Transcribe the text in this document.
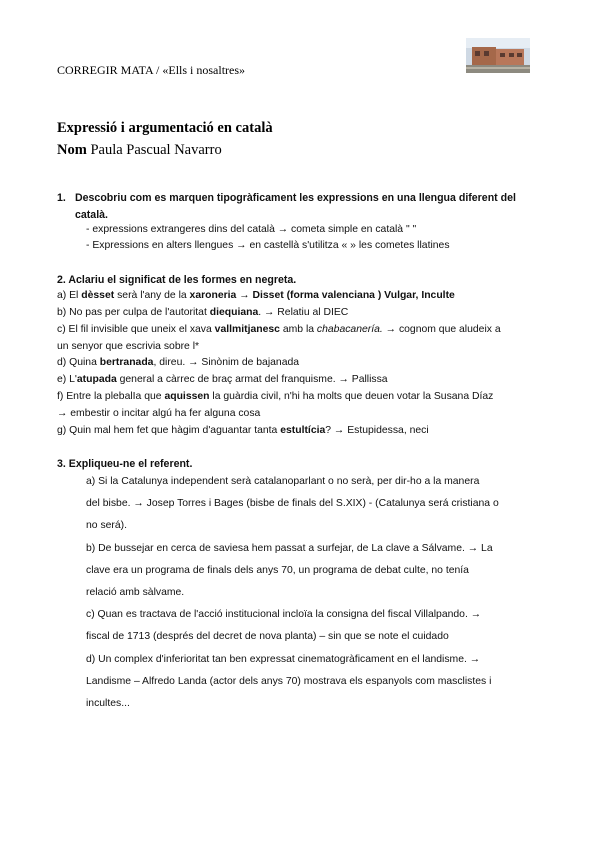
CORREGIR MATA / «Ells i nosaltres»
Expressió i argumentació en català
Nom Paula Pascual Navarro
1. Descobriu com es marquen tipogràficament les expressions en una llengua diferent del
català.
- expressions extrangeres dins del català → cometa simple en català " "
- Expressions en alters llengues → en castellà s'utilitza « » les cometes llatines
2. Aclariu el significat de les formes en negreta.
a) El dèsset serà l'any de la xaroneria → Disset (forma valenciana ) Vulgar, Inculte
b) No pas per culpa de l'autoritat diequiana. → Relatiu al DIEC
c) El fil invisible que uneix el xava vallmitjanesc amb la chabacanería. → cognom que aludeix a
un senyor que escrivia sobre l*
d) Quina bertranada, direu. → Sinònim de bajanada
e) L'atupada general a càrrec de braç armat del franquisme. → Pallissa
f) Entre la plebalIa que aquissen la guàrdia civil, n'hi ha molts que deuen votar la Susana Díaz
→ embestir o incitar algú ha fer alguna cosa
g) Quin mal hem fet que hàgim d'aguantar tanta estultícia? → Estupidessa, neci
3. Expliqueu-ne el referent.
a) Si la Catalunya independent serà catalanoparlant o no serà, per dir-ho a la manera
del bisbe. → Josep Torres i Bages (bisbe de finals del S.XIX) - (Catalunya será cristiana o
no será).
b) De bussejar en cerca de saviesa hem passat a surfejar, de La clave a Sálvame. → La
clave era un programa de finals dels anys 70, un programa de debat culte, no tenía
relació amb sàlvame.
c) Quan es tractava de l'acció institucional incloïa la consigna del fiscal Villalpando. →
fiscal de 1713 (després del decret de nova planta) – sin que se note el cuidado
d) Un complex d'inferioritat tan ben expressat cinematogràficament en el landisme. →
Landisme – Alfredo Landa (actor dels anys 70) mostrava els espanyols com masclistes i
incultes...
